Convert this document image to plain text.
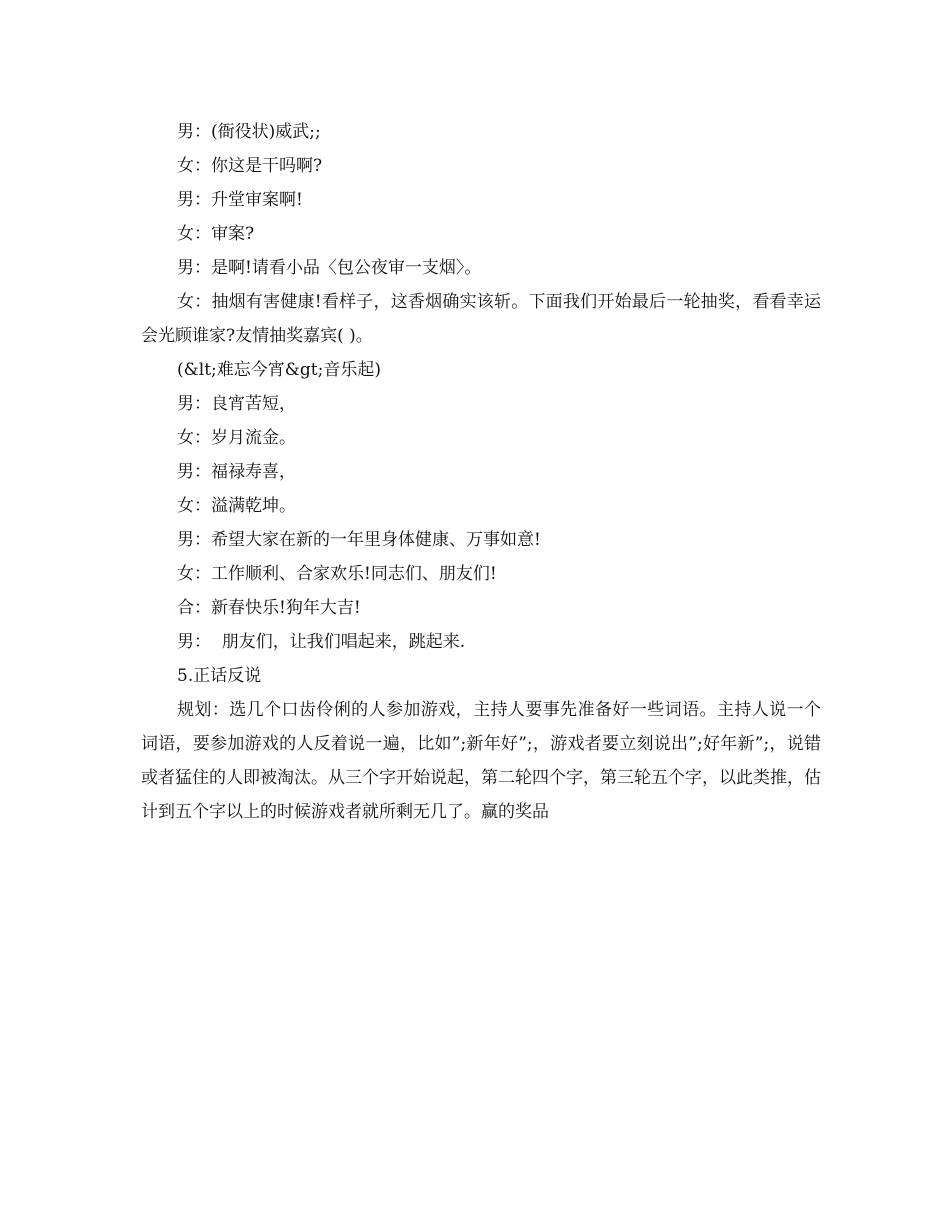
男：(衙役状)威武;;

女：你这是干吗啊?

男：升堂审案啊!

女：审案?

男：是啊!请看小品〈包公夜审一支烟〉。

女：抽烟有害健康!看样子，这香烟确实该斩。下面我们开始最后一轮抽奖，看看幸运会光顾谁家?友情抽奖嘉宾( )。

(&lt;难忘今宵&gt;音乐起)

男：良宵苦短，

女：岁月流金。

男：福禄寿喜，

女：溢满乾坤。

男：希望大家在新的一年里身体健康、万事如意!

女：工作顺利、合家欢乐!同志们、朋友们!

合：新春快乐!狗年大吉!

男：  朋友们，让我们唱起来，跳起来.

5.正话反说

规划：选几个口齿伶俐的人参加游戏，主持人要事先准备好一些词语。主持人说一个词语，要参加游戏的人反着说一遍，比如”;新年好”;，游戏者要立刻说出”;好年新”;，说错或者猛住的人即被淘汰。从三个字开始说起，第二轮四个字，第三轮五个字，以此类推，估计到五个字以上的时候游戏者就所剩无几了。赢的奖品
